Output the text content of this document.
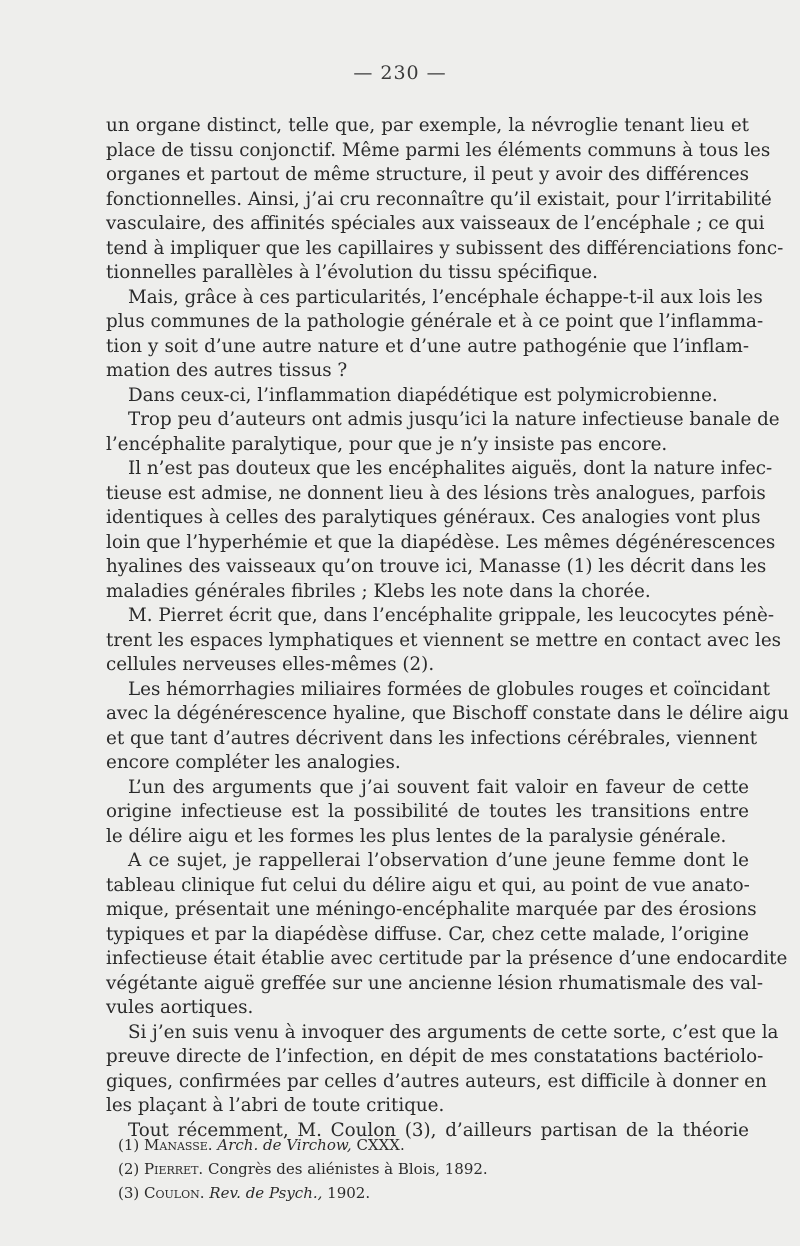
— 230 —
un organe distinct, telle que, par exemple, la névroglie tenant lieu et
place de tissu conjonctif. Même parmi les éléments communs à tous les
organes et partout de même structure, il peut y avoir des différences
fonctionnelles. Ainsi, j’ai cru reconnaître qu’il existait, pour l’irritabilité
vasculaire, des affinités spéciales aux vaisseaux de l’encéphale ; ce qui
tend à impliquer que les capillaires y subissent des différenciations fonc-
tionnelles parallèles à l’évolution du tissu spécifique.
Mais, grâce à ces particularités, l’encéphale échappe-t-il aux lois les
plus communes de la pathologie générale et à ce point que l’inflamma-
tion y soit d’une autre nature et d’une autre pathogénie que l’inflam-
mation des autres tissus ?
Dans ceux-ci, l’inflammation diapédétique est polymicrobienne.
Trop peu d’auteurs ont admis jusqu’ici la nature infectieuse banale de
l’encéphalite paralytique, pour que je n’y insiste pas encore.
Il n’est pas douteux que les encéphalites aiguës, dont la nature infec-
tieuse est admise, ne donnent lieu à des lésions très analogues, parfois
identiques à celles des paralytiques généraux. Ces analogies vont plus
loin que l’hyperhémie et que la diapédèse. Les mêmes dégénérescences
hyalines des vaisseaux qu’on trouve ici, Manasse (1) les décrit dans les
maladies générales fibriles ; Klebs les note dans la chorée.
M. Pierret écrit que, dans l’encéphalite grippale, les leucocytes pénè-
trent les espaces lymphatiques et viennent se mettre en contact avec les
cellules nerveuses elles-mêmes (2).
Les hémorrhagies miliaires formées de globules rouges et coïncidant
avec la dégénérescence hyaline, que Bischoff constate dans le délire aigu
et que tant d’autres décrivent dans les infections cérébrales, viennent
encore compléter les analogies.
L’un des arguments que j’ai souvent fait valoir en faveur de cette
origine infectieuse est la possibilité de toutes les transitions entre
le délire aigu et les formes les plus lentes de la paralysie générale.
A ce sujet, je rappellerai l’observation d’une jeune femme dont le
tableau clinique fut celui du délire aigu et qui, au point de vue anato-
mique, présentait une méningo-encéphalite marquée par des érosions
typiques et par la diapédèse diffuse. Car, chez cette malade, l’origine
infectieuse était établie avec certitude par la présence d’une endocardite
végétante aiguë greffée sur une ancienne lésion rhumatismale des val-
vules aortiques.
Si j’en suis venu à invoquer des arguments de cette sorte, c’est que la
preuve directe de l’infection, en dépit de mes constatations bactériolo-
giques, confirmées par celles d’autres auteurs, est difficile à donner en
les plaçant à l’abri de toute critique.
Tout récemment, M. Coulon (3), d’ailleurs partisan de la théorie
(1) Manasse. Arch. de Virchow, CXXX.
(2) Pierret. Congrès des aliénistes à Blois, 1892.
(3) Coulon. Rev. de Psych., 1902.
